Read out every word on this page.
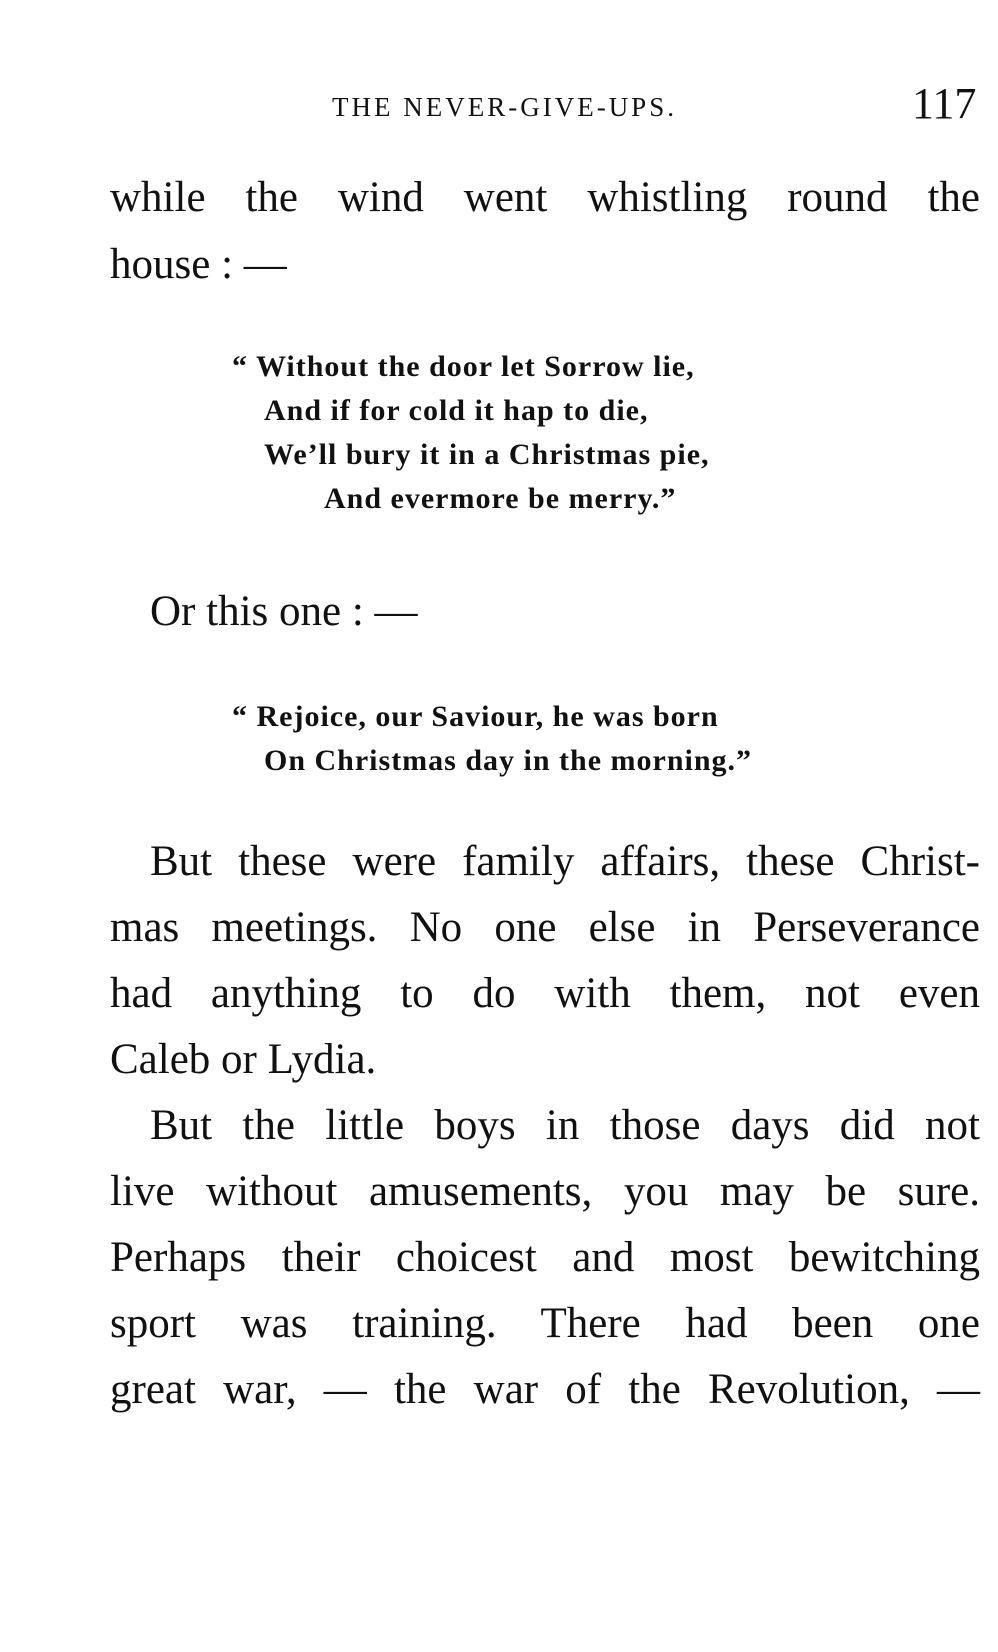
THE NEVER-GIVE-UPS.	117
while the wind went whistling round the
house : —
“ Without the door let Sorrow lie,
And if for cold it hap to die,
We’ll bury it in a Christmas pie,
And evermore be merry.”
Or this one : —
“ Rejoice, our Saviour, he was born
On Christmas day in the morning.”
But these were family affairs, these Christ-
mas meetings. No one else in Perseverance
had anything to do with them, not even
Caleb or Lydia.
But the little boys in those days did not
live without amusements, you may be sure.
Perhaps their choicest and most bewitching
sport was training. There had been one
great war, — the war of the Revolution, —
